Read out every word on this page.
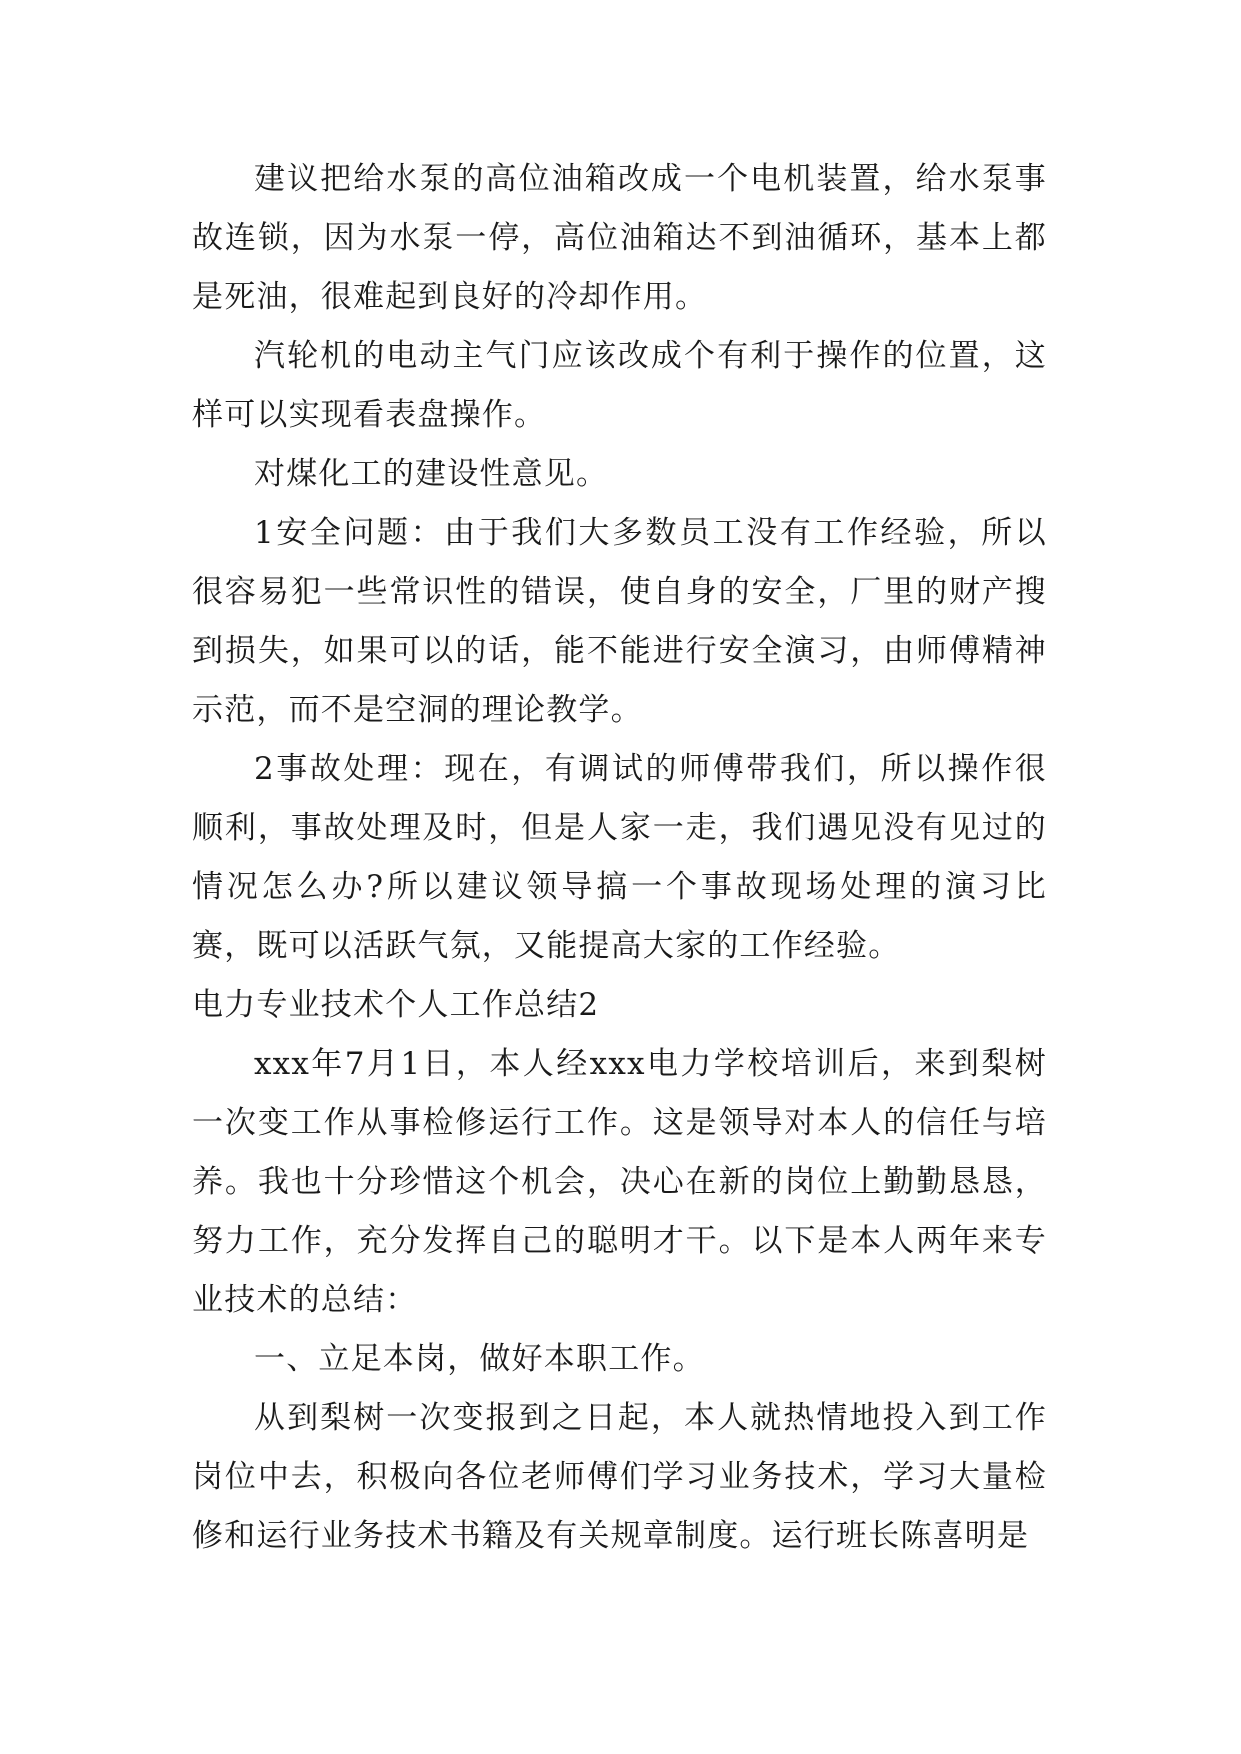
建议把给水泵的高位油箱改成一个电机装置，给水泵事故连锁，因为水泵一停，高位油箱达不到油循环，基本上都是死油，很难起到良好的冷却作用。

汽轮机的电动主气门应该改成个有利于操作的位置，这样可以实现看表盘操作。

对煤化工的建设性意见。

1安全问题：由于我们大多数员工没有工作经验，所以很容易犯一些常识性的错误，使自身的安全，厂里的财产搜到损失，如果可以的话，能不能进行安全演习，由师傅精神示范，而不是空洞的理论教学。

2事故处理：现在，有调试的师傅带我们，所以操作很顺利，事故处理及时，但是人家一走，我们遇见没有见过的情况怎么办?所以建议领导搞一个事故现场处理的演习比赛，既可以活跃气氛，又能提高大家的工作经验。

电力专业技术个人工作总结2

xxx年7月1日，本人经xxx电力学校培训后，来到梨树一次变工作从事检修运行工作。这是领导对本人的信任与培养。我也十分珍惜这个机会，决心在新的岗位上勤勤恳恳，努力工作，充分发挥自己的聪明才干。以下是本人两年来专业技术的总结：

一、立足本岗，做好本职工作。

从到梨树一次变报到之日起，本人就热情地投入到工作岗位中去，积极向各位老师傅们学习业务技术，学习大量检修和运行业务技术书籍及有关规章制度。运行班长陈喜明是
